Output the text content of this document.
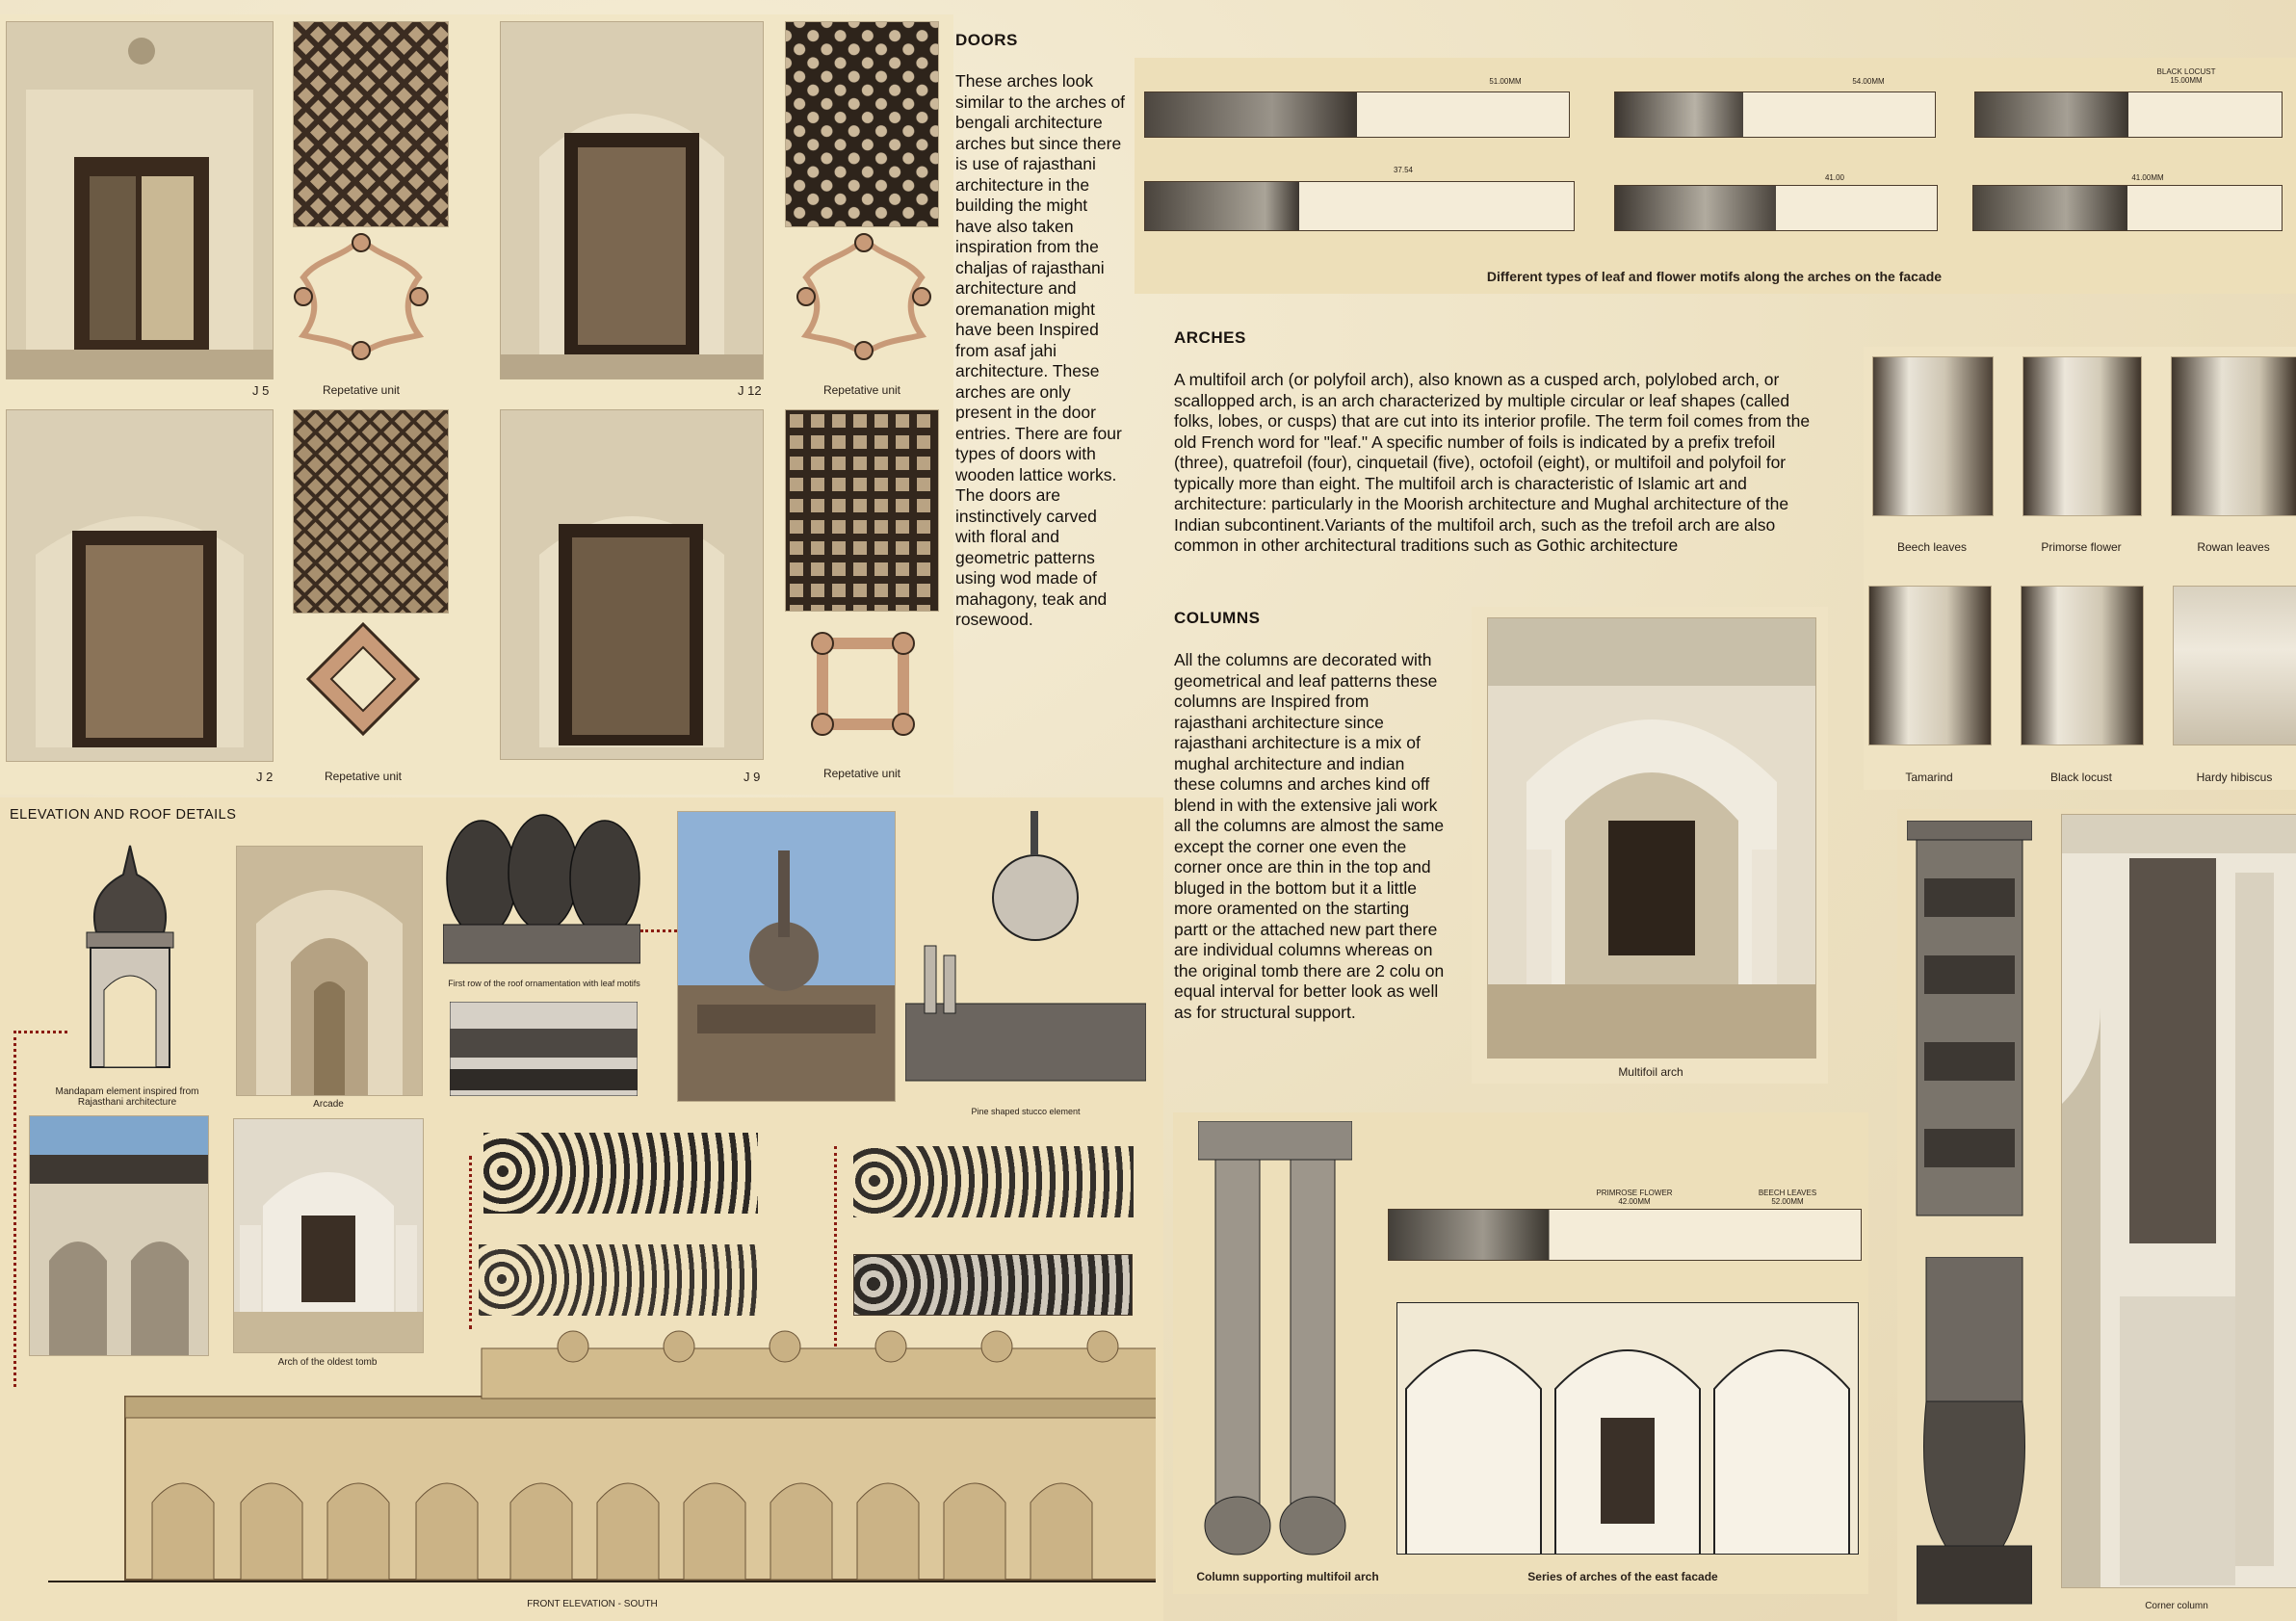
J 5	Repetative unit	J 12	Repetative unit
J 2	Repetative unit	J 9	Repetative unit
DOORS
These arches look similar to the arches of bengali architecture arches but since there is use of rajasthani architecture in the building the might have also taken inspiration from the chaljas of rajasthani architecture and oremanation might have been Inspired from asaf jahi architecture. These arches are only present in the door entries. There are four types of doors with wooden lattice works. The doors are instinctively carved with floral and geometric patterns using wod made of mahagony, teak and rosewood.
51.00MM	54.00MM
BLACK LOCUST 15.00MM
37.54
41.00	41.00MM
Different types of leaf and flower motifs along the arches on the facade
ARCHES
A multifoil arch (or polyfoil arch), also known as a cusped arch, polylobed arch, or scallopped arch, is an arch characterized by multiple circular or leaf shapes (called folks, lobes, or cusps) that are cut into its interior profile. The term foil comes from the old French word for "leaf." A specific number of foils is indicated by a prefix trefoil (three), quatrefoil (four), cinquetail (five), octofoil (eight), or multifoil and polyfoil for typically more than eight. The multifoil arch is characteristic of Islamic art and architecture: particularly in the Moorish architecture and Mughal architecture of the Indian subcontinent.Variants of the multifoil arch, such as the trefoil arch are also common in other architectural traditions such as Gothic architecture	Beech leaves	Primorse flower	Rowan leaves
Tamarind	Black locust	Hardy hibiscus
COLUMNS
All the columns are decorated with geometrical and leaf patterns these columns are Inspired from rajasthani architecture since rajasthani architecture is a mix of mughal architecture and indian these columns and arches kind off blend in with the extensive jali work all the columns are almost the same except the corner one even the corner once are thin in the top and bluged in the bottom but it a little more oramented on the starting partt or the attached new part there are individual columns whereas on the original tomb there are 2 colu on equal interval for better look as well as for structural support.
Multifoil arch
ELEVATION AND ROOF DETAILS
Mandapam element inspired from Rajasthani architecture	Arcade
First row of the roof ornamentation with leaf motifs
Pine shaped stucco element
Arch of the oldest tomb
FRONT ELEVATION - SOUTH
Column supporting multifoil arch
PRIMROSE FLOWER 42.00MM
BEECH LEAVES 52.00MM
Series of arches of the east facade
Corner column
